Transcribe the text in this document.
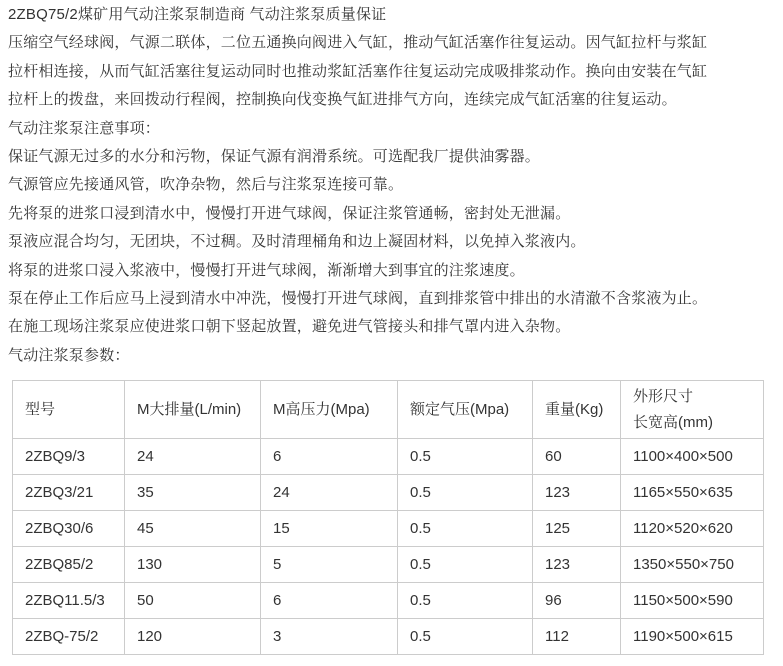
2ZBQ75/2煤矿用气动注浆泵制造商 气动注浆泵质量保证

压缩空气经球阀，气源二联体，二位五通换向阀进入气缸，推动气缸活塞作往复运动。因气缸拉杆与浆缸

拉杆相连接，从而气缸活塞往复运动同时也推动浆缸活塞作往复运动完成吸排浆动作。换向由安装在气缸

拉杆上的拨盘，来回拨动行程阀，控制换向伐变换气缸进排气方向，连续完成气缸活塞的往复运动。

气动注浆泵注意事项：

保证气源无过多的水分和污物，保证气源有润滑系统。可选配我厂提供油雾器。

气源管应先接通风管，吹净杂物，然后与注浆泵连接可靠。

先将泵的进浆口浸到清水中，慢慢打开进气球阀，保证注浆管通畅，密封处无泄漏。

泵液应混合均匀，无团块，不过稠。及时清理桶角和边上凝固材料，以免掉入浆液内。

将泵的进浆口浸入浆液中，慢慢打开进气球阀，渐渐增大到事宜的注浆速度。

泵在停止工作后应马上浸到清水中冲洗，慢慢打开进气球阀，直到排浆管中排出的水清澈不含浆液为止。

在施工现场注浆泵应使进浆口朝下竖起放置，避免进气管接头和排气罩内进入杂物。

气动注浆泵参数：

型号	M大排量(L/min)	M高压力(Mpa)	额定气压(Mpa)	重量(Kg)	外形尺寸
长宽高(mm)

2ZBQ9/3	24	6	0.5	60	1100×400×500
2ZBQ3/21	35	24	0.5	123	1165×550×635
2ZBQ30/6	45	15	0.5	125	1120×520×620
2ZBQ85/2	130	5	0.5	123	1350×550×750
2ZBQ11.5/3	50	6	0.5	96	1150×500×590
2ZBQ-75/2	120	3	0.5	112	1190×500×615
